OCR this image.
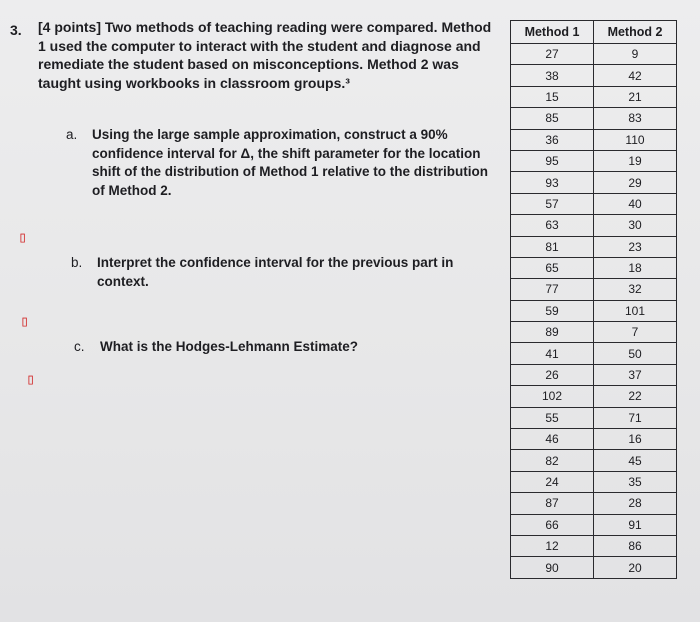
3. [4 points] Two methods of teaching reading were compared. Method 1 used the computer to interact with the student and diagnose and remediate the student based on misconceptions. Method 2 was taught using workbooks in classroom groups.³
a. Using the large sample approximation, construct a 90% confidence interval for Δ, the shift parameter for the location shift of the distribution of Method 1 relative to the distribution of Method 2.
b. Interpret the confidence interval for the previous part in context.
c. What is the Hodges-Lehmann Estimate?
▯
▯
▯
Method 1	Method 2
27	9
38	42
15	21
85	83
36	110
95	19
93	29
57	40
63	30
81	23
65	18
77	32
59	101
89	7
41	50
26	37
102	22
55	71
46	16
82	45
24	35
87	28
66	91
12	86
90	20
